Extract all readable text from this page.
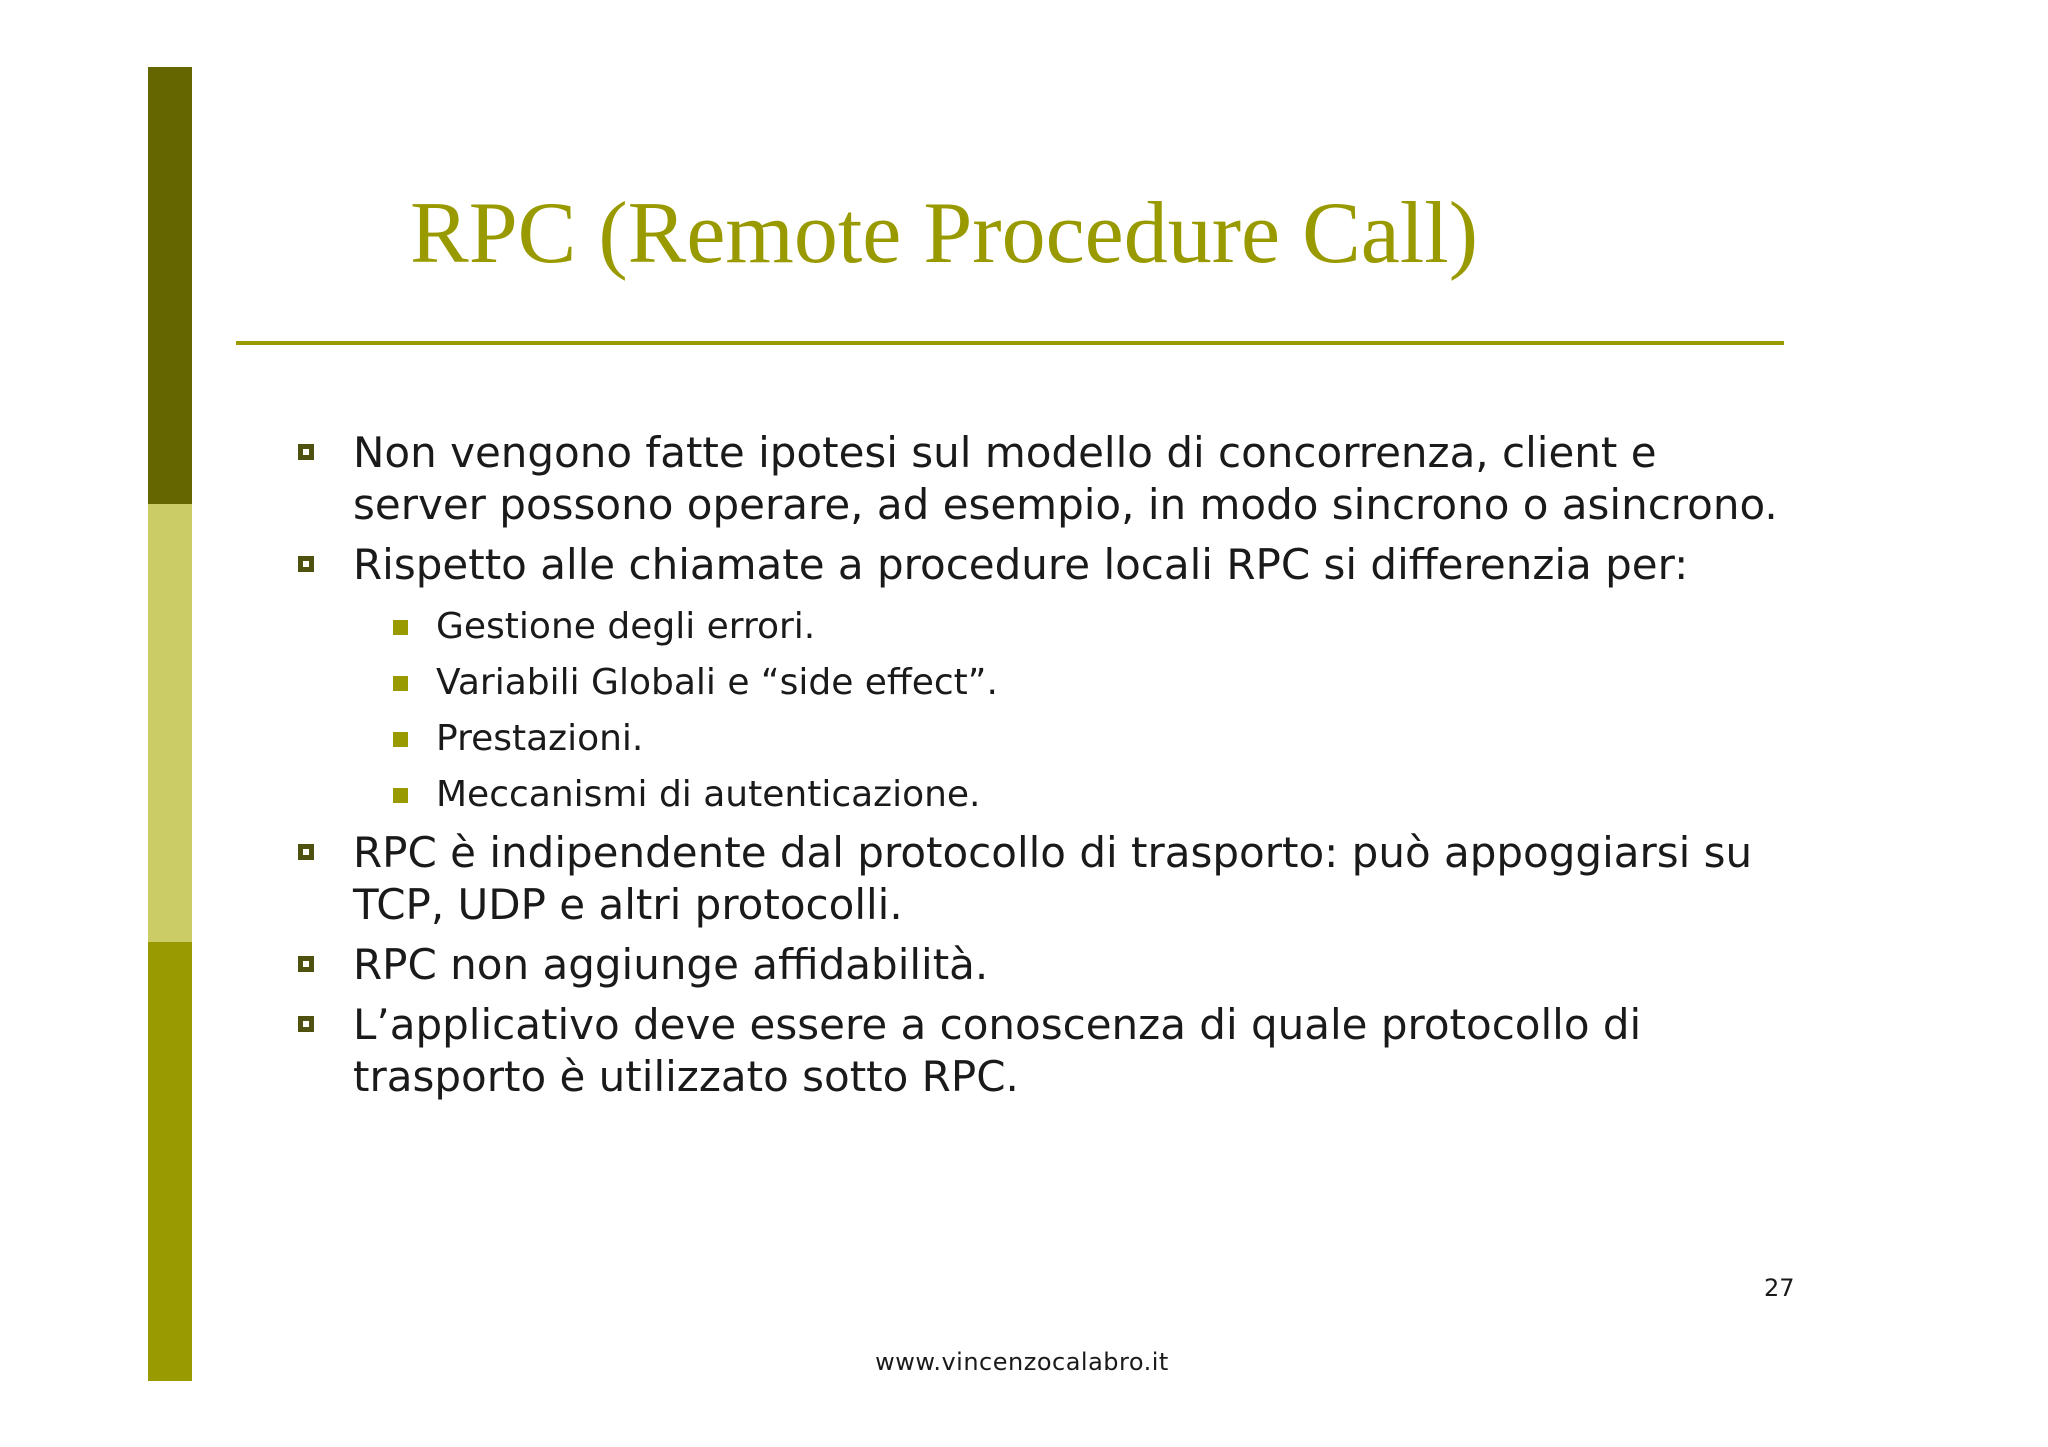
RPC (Remote Procedure Call)
Non vengono fatte ipotesi sul modello di concorrenza, client e server possono operare, ad esempio, in modo sincrono o asincrono.
Rispetto alle chiamate a procedure locali RPC si differenzia per:
Gestione degli errori.
Variabili Globali e “side effect”.
Prestazioni.
Meccanismi di autenticazione.
RPC è indipendente dal protocollo di trasporto: può appoggiarsi su TCP, UDP e altri protocolli.
RPC non aggiunge affidabilità.
L’applicativo deve essere a conoscenza di quale protocollo di trasporto è utilizzato sotto RPC.
27
www.vincenzocalabro.it
